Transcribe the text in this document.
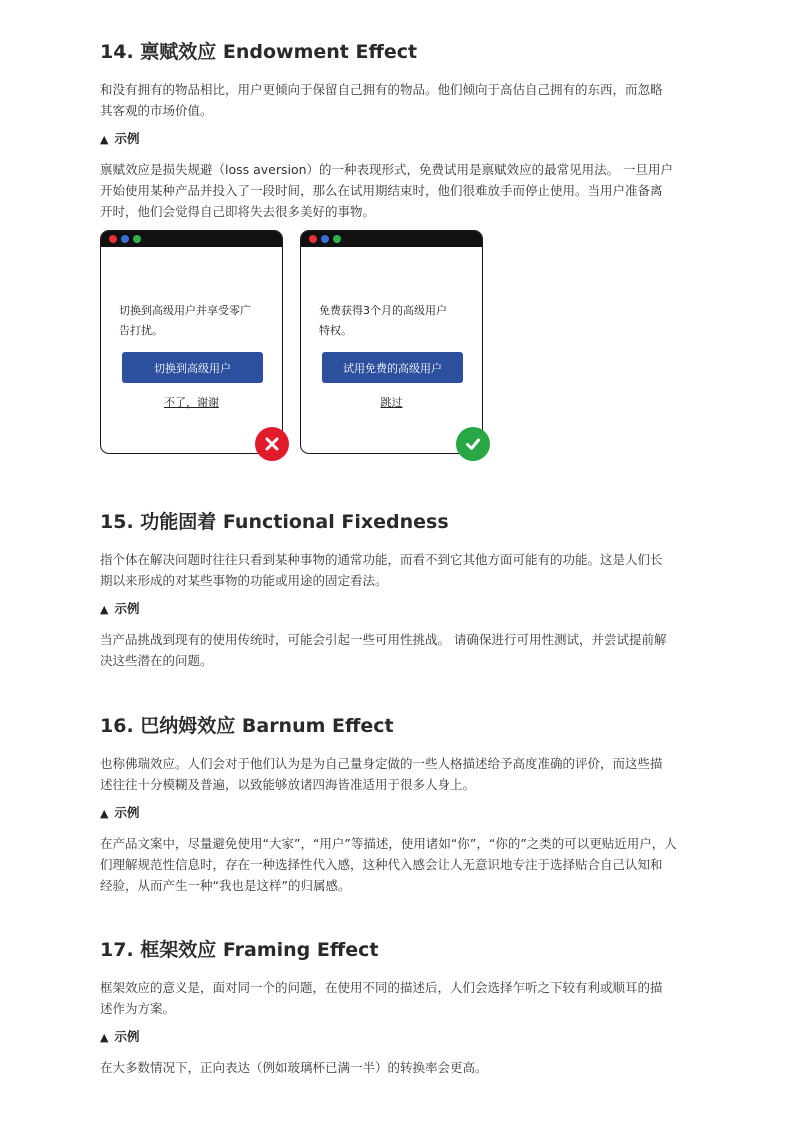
14. 禀赋效应 Endowment Effect

和没有拥有的物品相比，用户更倾向于保留自己拥有的物品。他们倾向于高估自己拥有的东西，而忽略
其客观的市场价值。

▲ 示例

禀赋效应是损失规避（loss aversion）的一种表现形式，免费试用是禀赋效应的最常见用法。 一旦用户
开始使用某种产品并投入了一段时间，那么在试用期结束时，他们很难放手而停止使用。当用户准备离
开时，他们会觉得自己即将失去很多美好的事物。

切换到高级用户并享受零广
告打扰。
切换到高级用户
不了，谢谢
免费获得3个月的高级用户
特权。
试用免费的高级用户
跳过
15. 功能固着 Functional Fixedness

指个体在解决问题时往往只看到某种事物的通常功能，而看不到它其他方面可能有的功能。这是人们长
期以来形成的对某些事物的功能或用途的固定看法。

▲ 示例

当产品挑战到现有的使用传统时，可能会引起一些可用性挑战。 请确保进行可用性测试，并尝试提前解
决这些潜在的问题。

16. 巴纳姆效应 Barnum Effect

也称佛瑞效应。人们会对于他们认为是为自己量身定做的一些人格描述给予高度准确的评价，而这些描
述往往十分模糊及普遍，以致能够放诸四海皆准适用于很多人身上。

▲ 示例

在产品文案中，尽量避免使用“大家”，“用户”等描述，使用诸如“你”，“你的”之类的可以更贴近用户，人
们理解规范性信息时，存在一种选择性代入感，这种代入感会让人无意识地专注于选择贴合自己认知和
经验，从而产生一种“我也是这样”的归属感。

17. 框架效应 Framing Effect

框架效应的意义是，面对同一个的问题，在使用不同的描述后，人们会选择乍听之下较有利或顺耳的描
述作为方案。

▲ 示例

在大多数情况下，正向表达（例如玻璃杯已满一半）的转换率会更高。
